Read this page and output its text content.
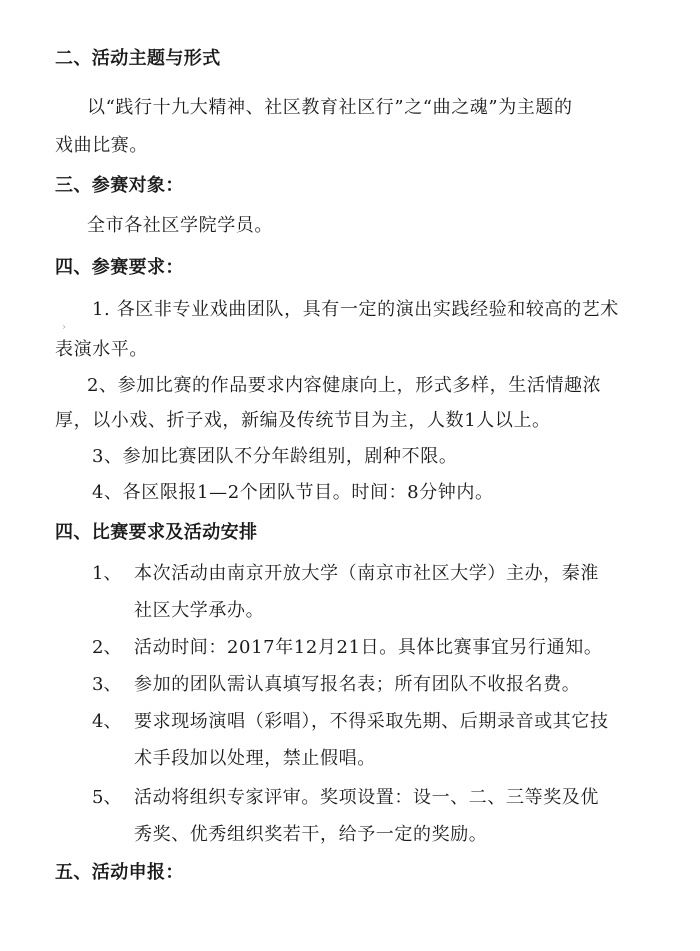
二、活动主题与形式
以“践行十九大精神、社区教育社区行”之“曲之魂”为主题的
戏曲比赛。
三、参赛对象：
全市各社区学院学员。
四、参赛要求：
1. 各区非专业戏曲团队，具有一定的演出实践经验和较高的艺术
›
表演水平。
2、参加比赛的作品要求内容健康向上，形式多样，生活情趣浓
厚，以小戏、折子戏，新编及传统节目为主，人数1人以上。
3、参加比赛团队不分年龄组别，剧种不限。
4、各区限报1—2个团队节目。时间：8分钟内。
四、比赛要求及活动安排
1、 本次活动由南京开放大学（南京市社区大学）主办，秦淮
社区大学承办。
2、 活动时间：2017年12月21日。具体比赛事宜另行通知。
3、 参加的团队需认真填写报名表；所有团队不收报名费。
4、 要求现场演唱（彩唱），不得采取先期、后期录音或其它技
术手段加以处理，禁止假唱。
5、 活动将组织专家评审。奖项设置：设一、二、三等奖及优
秀奖、优秀组织奖若干，给予一定的奖励。
五、活动申报：
